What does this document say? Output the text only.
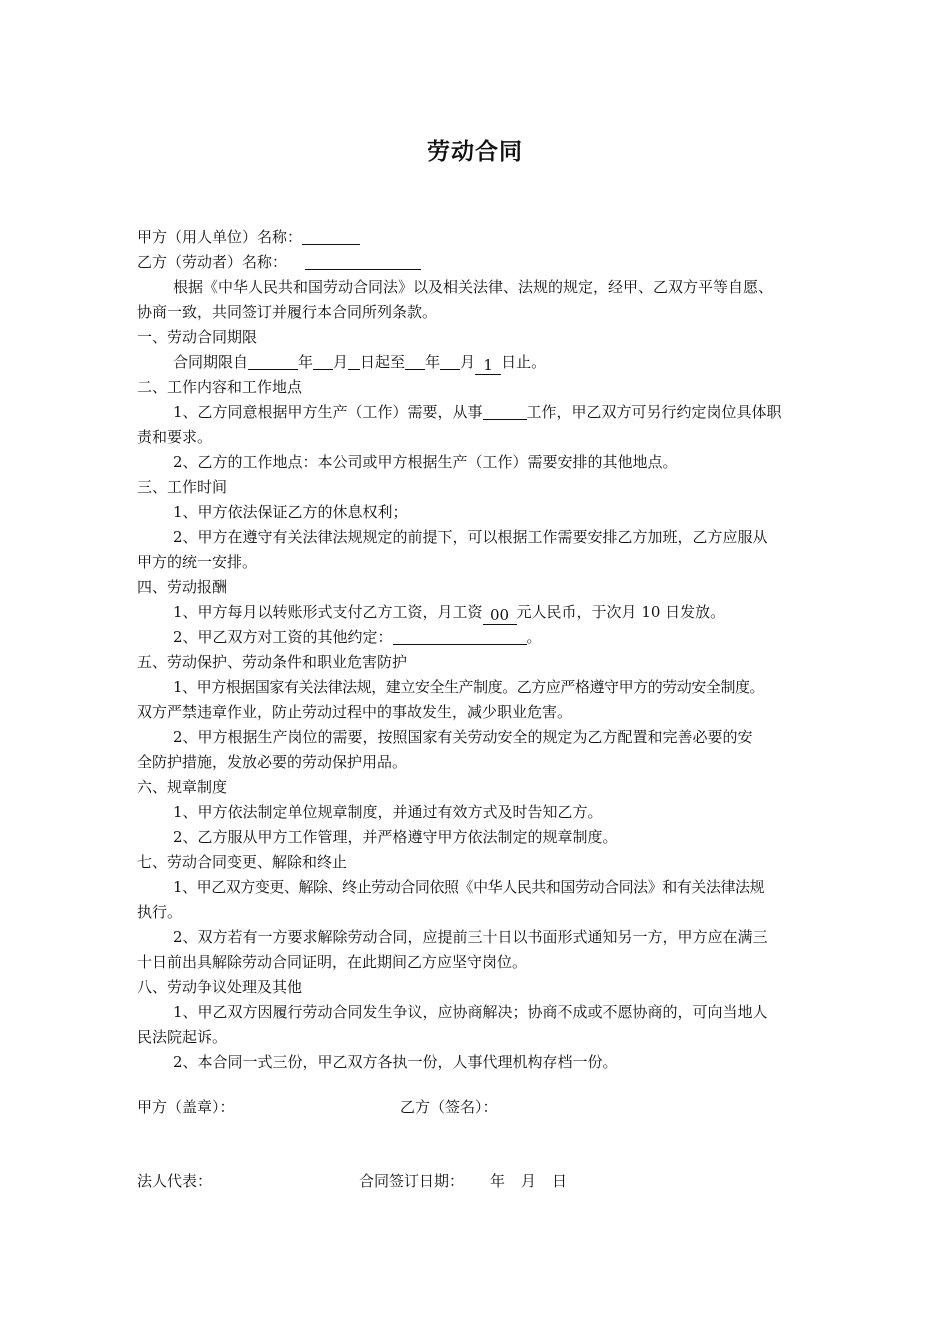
劳动合同
甲方（用人单位）名称：
乙方（劳动者）名称：
根据《中华人民共和国劳动合同法》以及相关法律、法规的规定，经甲、乙双方平等自愿、
协商一致，共同签订并履行本合同所列条款。
一、劳动合同期限
合同期限自	年 月 日起至 年 月 1 日止。
二、工作内容和工作地点
1、乙方同意根据甲方生产（工作）需要，从事	工作，甲乙双方可另行约定岗位具体职
责和要求。
2、乙方的工作地点：本公司或甲方根据生产（工作）需要安排的其他地点。
三、工作时间
1、甲方依法保证乙方的休息权利；
2、甲方在遵守有关法律法规规定的前提下，可以根据工作需要安排乙方加班，乙方应服从
甲方的统一安排。
四、劳动报酬
1、甲方每月以转账形式支付乙方工资，月工资 00 元人民币，于次月 10 日发放。
2、甲乙双方对工资的其他约定：	。
五、劳动保护、劳动条件和职业危害防护
1、甲方根据国家有关法律法规，建立安全生产制度。乙方应严格遵守甲方的劳动安全制度。
双方严禁违章作业，防止劳动过程中的事故发生，减少职业危害。
2、甲方根据生产岗位的需要，按照国家有关劳动安全的规定为乙方配置和完善必要的安
全防护措施，发放必要的劳动保护用品。
六、规章制度
1、甲方依法制定单位规章制度，并通过有效方式及时告知乙方。
2、乙方服从甲方工作管理，并严格遵守甲方依法制定的规章制度。
七、劳动合同变更、解除和终止
1、甲乙双方变更、解除、终止劳动合同依照《中华人民共和国劳动合同法》和有关法律法规
执行。
2、双方若有一方要求解除劳动合同，应提前三十日以书面形式通知另一方，甲方应在满三
十日前出具解除劳动合同证明，在此期间乙方应坚守岗位。
八、劳动争议处理及其他
1、甲乙双方因履行劳动合同发生争议，应协商解决；协商不成或不愿协商的，可向当地人
民法院起诉。
2、本合同一式三份，甲乙双方各执一份，人事代理机构存档一份。
甲方（盖章）：	乙方（签名）：
法人代表：	合同签订日期： 年 月 日
